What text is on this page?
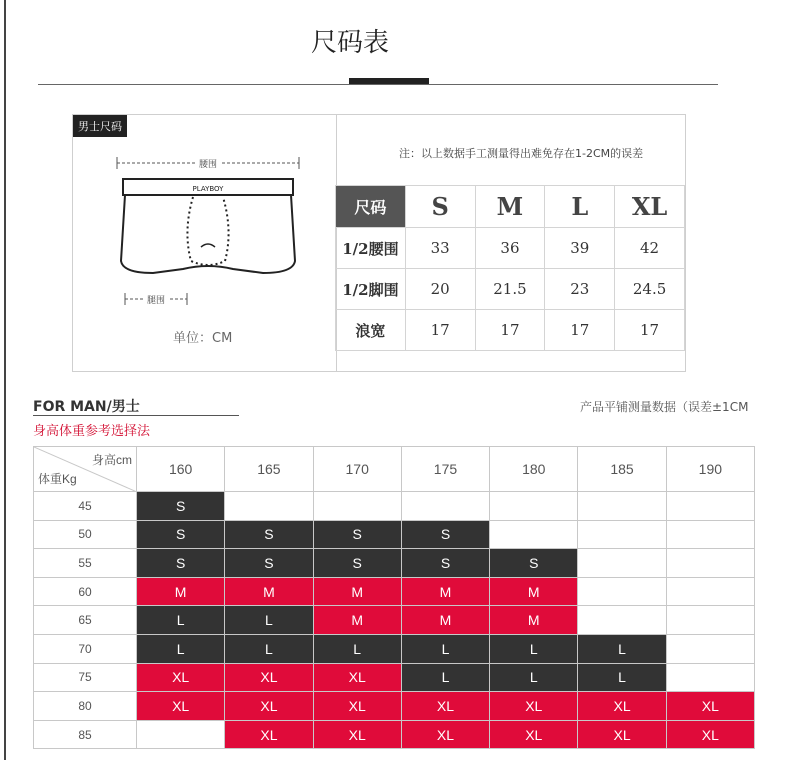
尺码表
男士尺码
腰围
PLAYBOY
腿围
单位：CM
注：以上数据手工测量得出难免存在1-2CM的误差
尺码	S	M	L	XL
1/2腰围	33	36	39	42
1/2脚围	20	21.5	23	24.5
浪宽	17	17	17	17
FOR MAN/男士
身高体重参考选择法
产品平铺测量数据（误差±1CM
身高cm
体重Kg	160	165	170	175	180	185	190
45	S						
50	S	S	S	S			
55	S	S	S	S	S		
60	M	M	M	M	M		
65	L	L	M	M	M		
70	L	L	L	L	L	L	
75	XL	XL	XL	L	L	L	
80	XL	XL	XL	XL	XL	XL	XL
85		XL	XL	XL	XL	XL	XL
